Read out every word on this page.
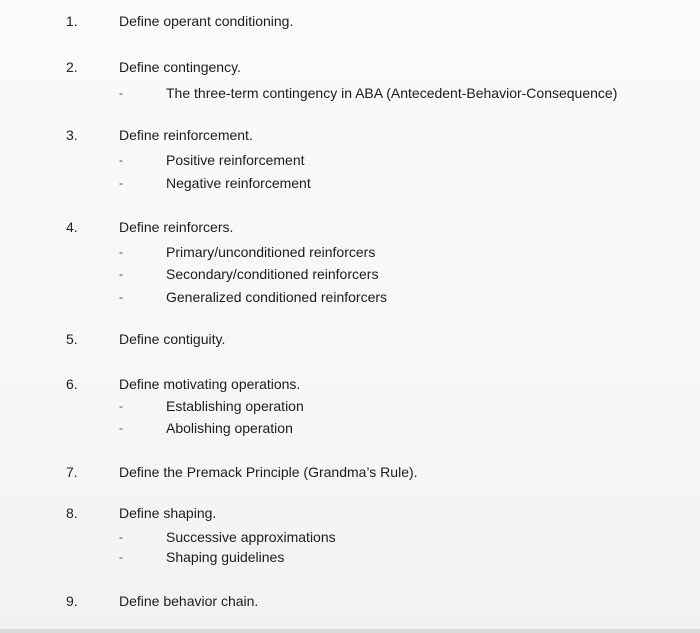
1.	Define operant conditioning.
2.	Define contingency.
-	The three-term contingency in ABA (Antecedent-Behavior-Consequence)
3.	Define reinforcement.
-	Positive reinforcement
-	Negative reinforcement
4.	Define reinforcers.
-	Primary/unconditioned reinforcers
-	Secondary/conditioned reinforcers
-	Generalized conditioned reinforcers
5.	Define contiguity.
6.	Define motivating operations.
-	Establishing operation
-	Abolishing operation
7.	Define the Premack Principle (Grandma’s Rule).
8.	Define shaping.
-	Successive approximations
-	Shaping guidelines
9.	Define behavior chain.
